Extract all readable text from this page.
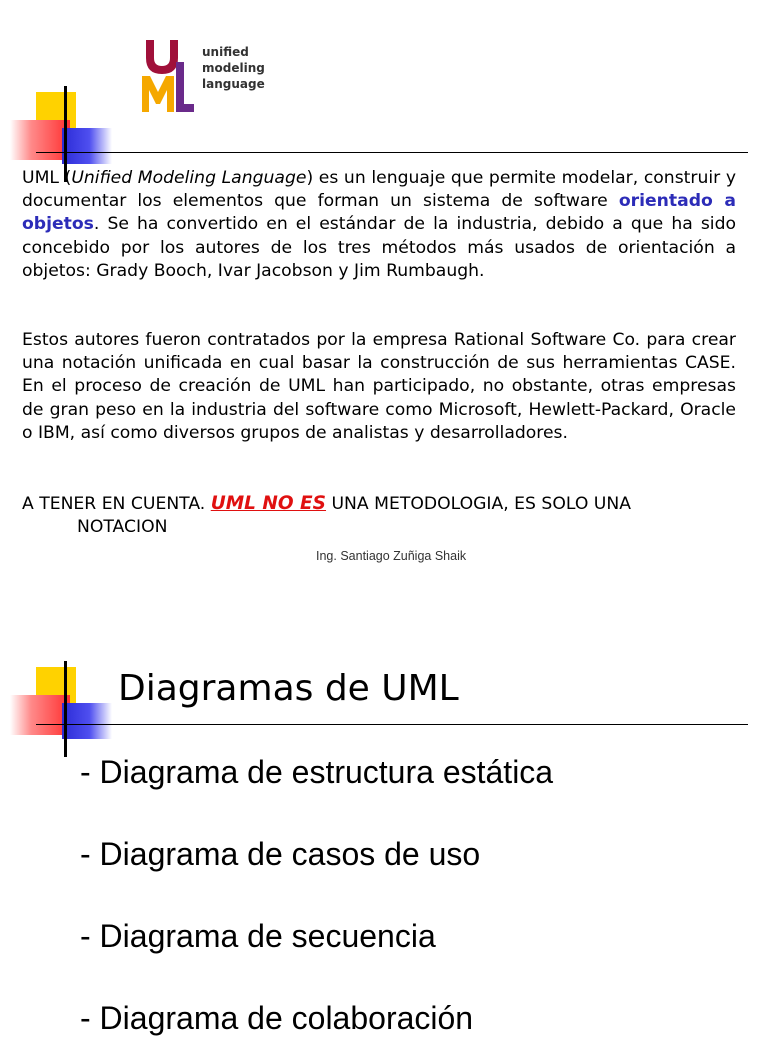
unified
modeling
language

UML (Unified Modeling Language) es un lenguaje que permite modelar, construir y documentar los elementos que forman un sistema de software orientado a objetos. Se ha convertido en el estándar de la industria, debido a que ha sido concebido por los autores de los tres métodos más usados de orientación a objetos: Grady Booch, Ivar Jacobson y Jim Rumbaugh.

Estos autores fueron contratados por la empresa Rational Software Co. para crear una notación unificada en cual basar la construcción de sus herramientas CASE. En el proceso de creación de UML han participado, no obstante, otras empresas de gran peso en la industria del software como Microsoft, Hewlett-Packard, Oracle o IBM, así como diversos grupos de analistas y desarrolladores.

A TENER EN CUENTA. UML NO ES UNA METODOLOGIA, ES SOLO UNA
NOTACION
Ing. Santiago Zuñiga Shaik
Diagramas de UML
- Diagrama de estructura estática
- Diagrama de casos de uso
- Diagrama de secuencia
- Diagrama de colaboración
